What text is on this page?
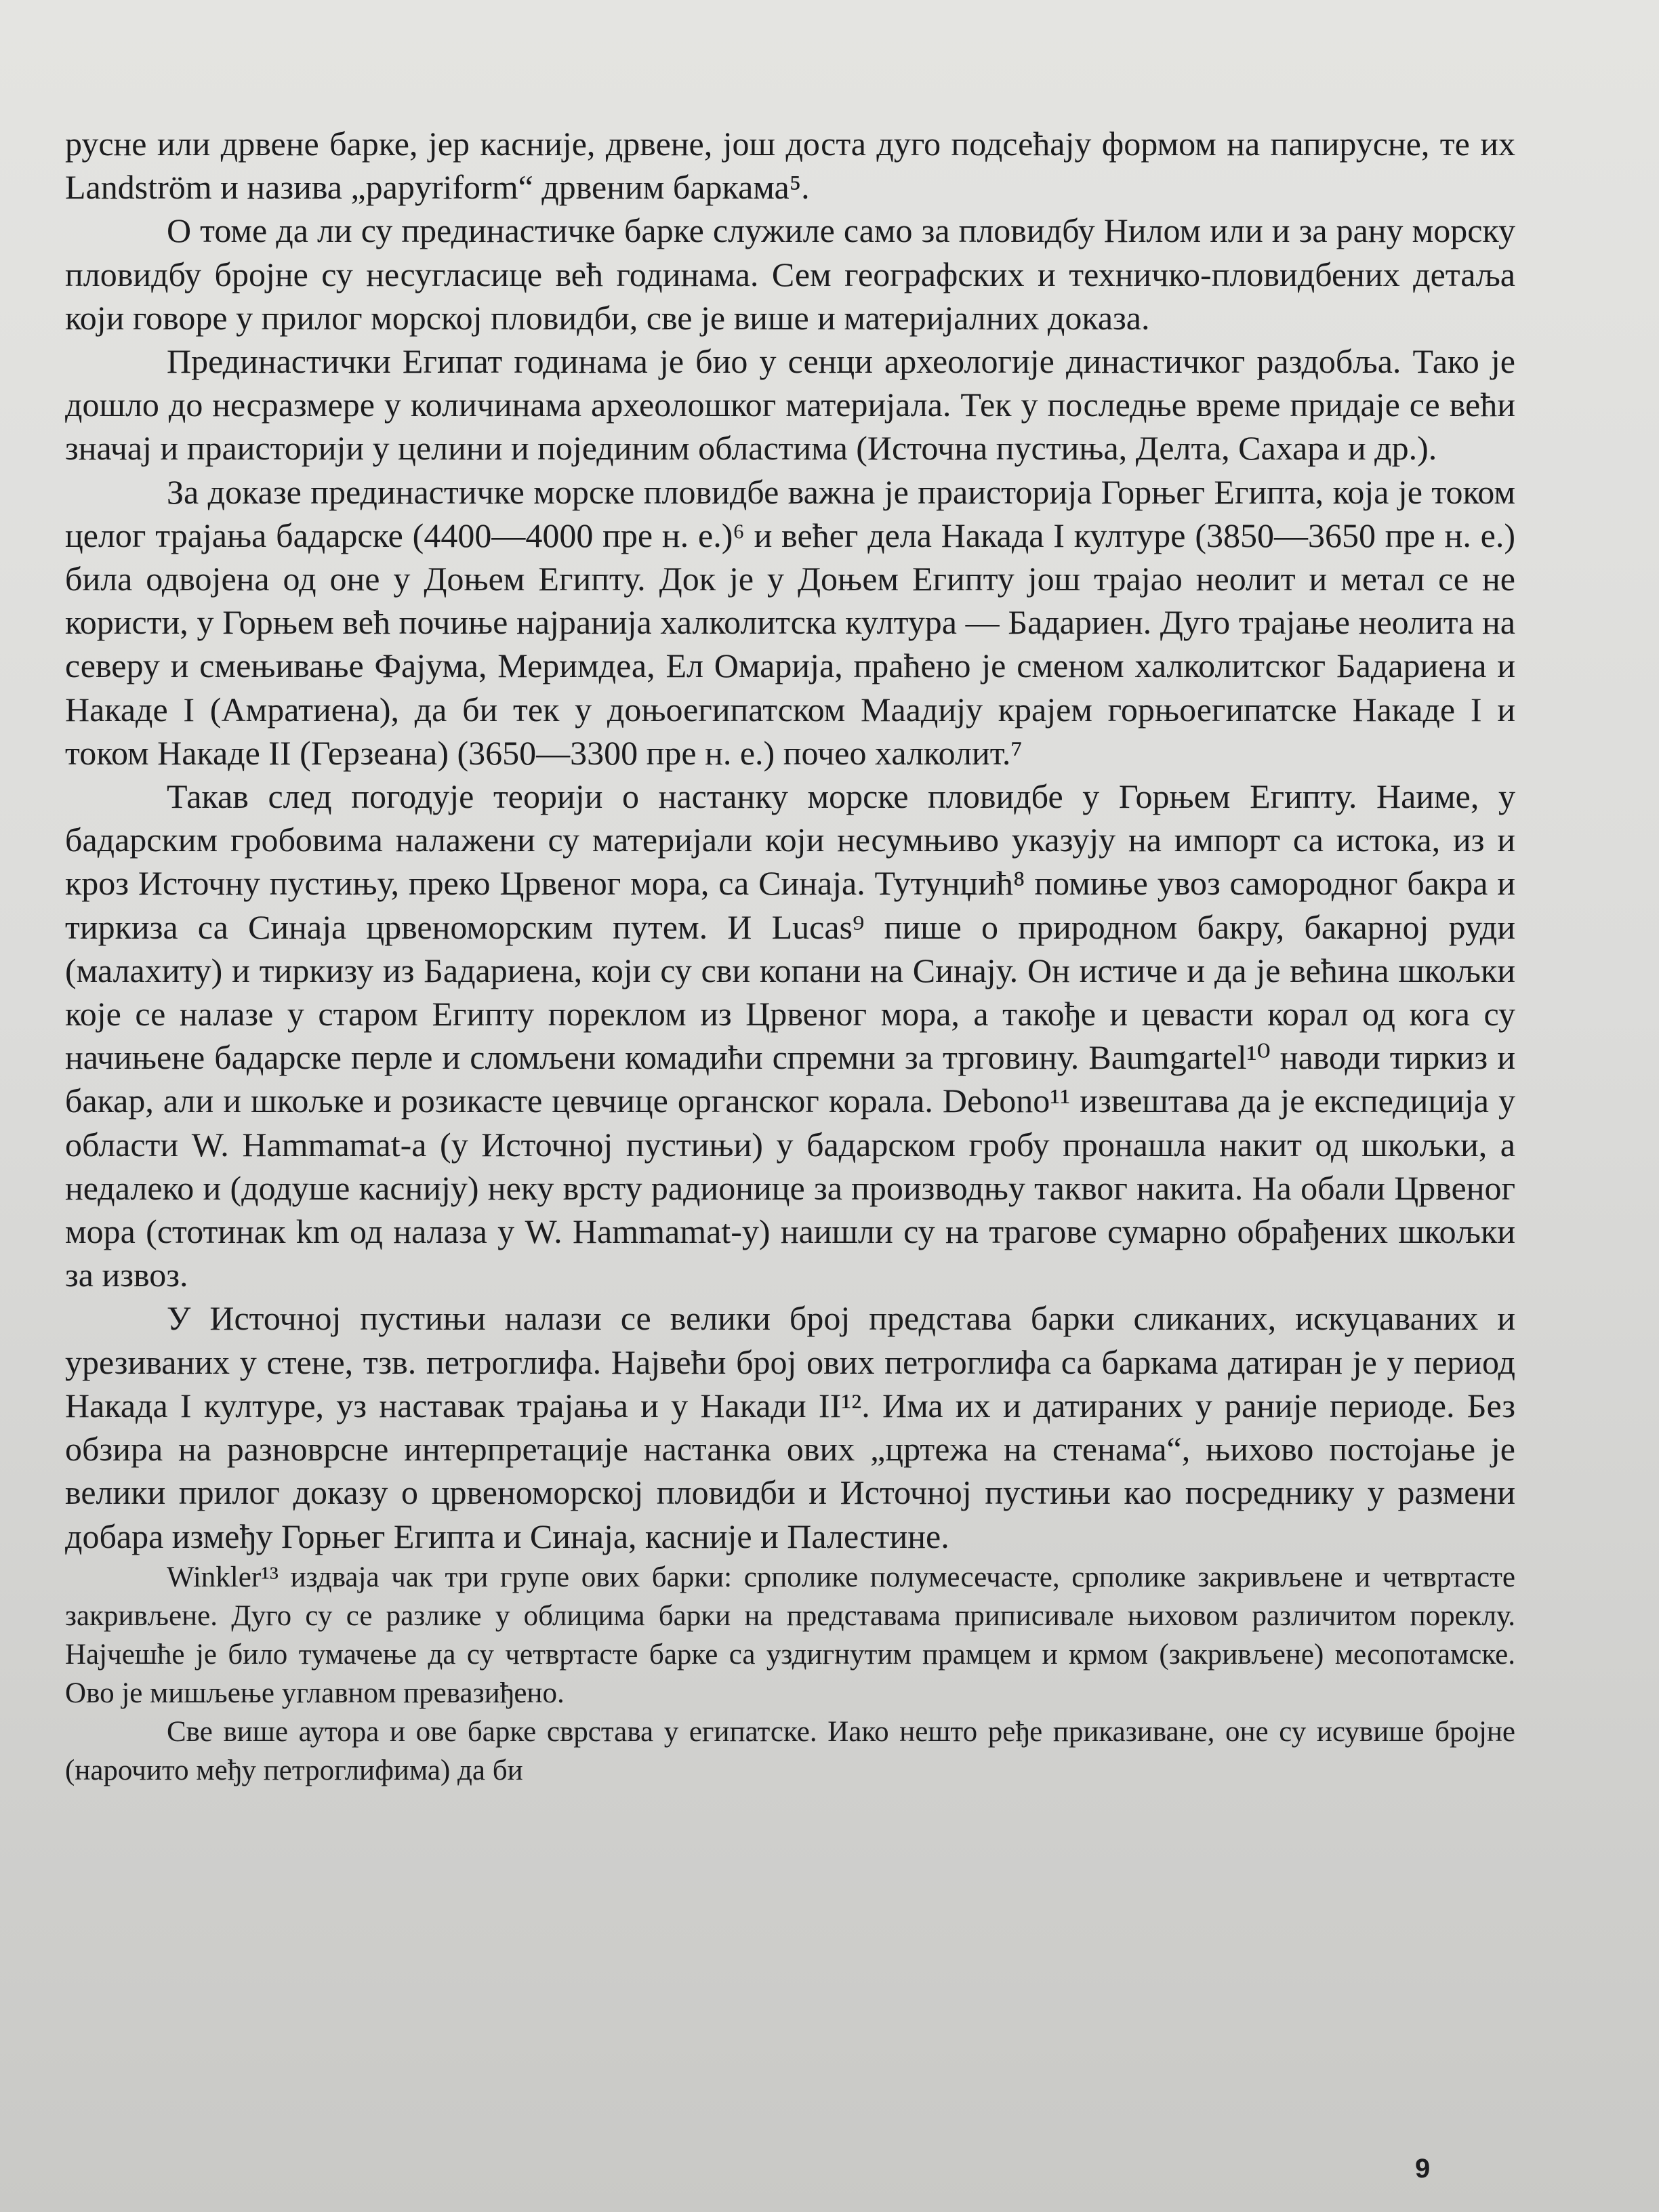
русне или дрвене барке, јер касније, дрвене, још доста дуго подсећају формом на папирусне, те их Landström и назива „papyriform“ дрвеним баркама⁵.

О томе да ли су прединастичке барке служиле само за пловидбу Нилом или и за рану морску пловидбу бројне су несугласице већ годинама. Сем географских и техничко-пловидбених детаља који говоре у прилог морској пловидби, све је више и материјалних доказа.

Прединастички Египат годинама је био у сенци археологије династичког раздобља. Тако је дошло до несразмере у количинама археолошког материјала. Тек у последње време придаје се већи значај и праисторији у целини и појединим областима (Источна пустиња, Делта, Сахара и др.).

За доказе прединастичке морске пловидбе важна је праисторија Горњег Египта, која је током целог трајања бадарске (4400—4000 пре н. е.)⁶ и већег дела Накада I културе (3850—3650 пре н. е.) била одвојена од оне у Доњем Египту. Док је у Доњем Египту још трајао неолит и метал се не користи, у Горњем већ почиње најранија халколитска култура — Бадариен. Дуго трајање неолита на северу и смењивање Фајума, Меримдеа, Ел Омарија, праћено је сменом халколитског Бадариена и Накаде I (Амратиена), да би тек у доњоегипатском Маадију крајем горњоегипатске Накаде I и током Накаде II (Герзеана) (3650—3300 пре н. е.) почео халколит.⁷

Такав след погодује теорији о настанку морске пловидбе у Горњем Египту. Наиме, у бадарским гробовима налажени су материјали који несумњиво указују на импорт са истока, из и кроз Источну пустињу, преко Црвеног мора, са Синаја. Тутунџић⁸ помиње увоз самородног бакра и тиркиза са Синаја црвеноморским путем. И Lucas⁹ пише о природном бакру, бакарној руди (малахиту) и тиркизу из Бадариена, који су сви копани на Синају. Он истиче и да је већина шкољки које се налазе у старом Египту пореклом из Црвеног мора, а такође и цевасти корал од кога су начињене бадарске перле и сломљени комадићи спремни за трговину. Baumgartel¹⁰ наводи тиркиз и бакар, али и шкољке и розикасте цевчице органског корала. Debono¹¹ извештава да је експедиција у области W. Hammamat-а (у Источној пустињи) у бадарском гробу пронашла накит од шкољки, а недалеко и (додуше каснију) неку врсту радионице за производњу таквог накита. На обали Црвеног мора (стотинак km од налаза у W. Hammamat-у) наишли су на трагове сумарно обрађених шкољки за извоз.

У Источној пустињи налази се велики број представа барки сликаних, искуцаваних и урезиваних у стене, тзв. петроглифа. Највећи број ових петроглифа са баркама датиран је у период Накада I културе, уз наставак трајања и у Накади II¹². Има их и датираних у раније периоде. Без обзира на разноврсне интерпретације настанка ових „цртежа на стенама“, њихово постојање је велики прилог доказу о црвеноморској пловидби и Источној пустињи као посреднику у размени добара између Горњег Египта и Синаја, касније и Палестине.

Winkler¹³ издваја чак три групе ових барки: српoлике полумесечасте, српoлике закривљене и четвртасте закривљене. Дуго су се разлике у облицима барки на представама приписивале њиховом различитом пореклу. Најчешће је било тумачење да су четвртасте барке са уздигнутим прамцем и крмом (закривљене) месопотамске. Ово је мишљење углавном превазиђено.

Све више аутора и ове барке сврстава у египатске. Иако нешто ређе приказиване, оне су исувише бројне (нарочито међу петроглифима) да би

9
